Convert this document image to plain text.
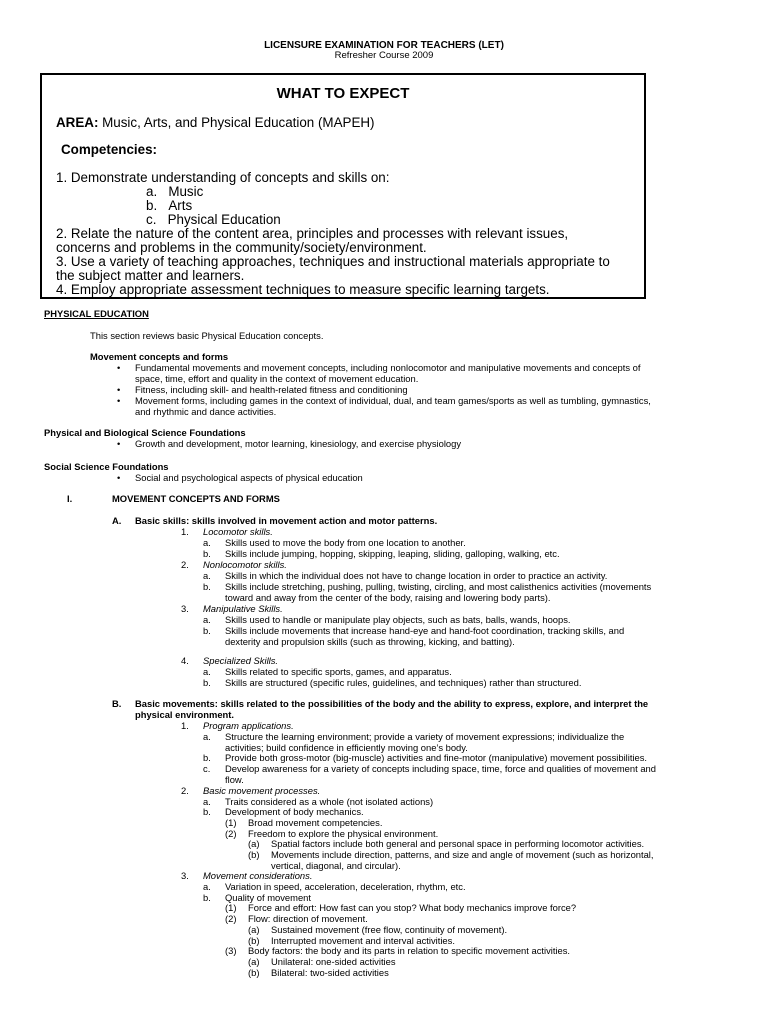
LICENSURE EXAMINATION FOR TEACHERS (LET)
Refresher Course 2009
WHAT TO EXPECT
AREA: Music, Arts, and Physical Education (MAPEH)
Competencies:
1. Demonstrate understanding of concepts and skills on:
a.   Music
b.   Arts
c.   Physical Education
2. Relate the nature of the content area, principles and processes with relevant issues,
concerns and problems in the community/society/environment.
3. Use a variety of teaching approaches, techniques and instructional materials appropriate to
the subject matter and learners.
4. Employ appropriate assessment techniques to measure specific learning targets.
PHYSICAL EDUCATION
This section reviews basic Physical Education concepts.
Movement concepts and forms
• Fundamental movements and movement concepts, including nonlocomotor and manipulative movements and concepts of
space, time, effort and quality in the context of movement education.
• Fitness, including skill- and health-related fitness and conditioning
• Movement forms, including games in the context of individual, dual, and team games/sports as well as tumbling, gymnastics,
and rhythmic and dance activities.
Physical and Biological Science Foundations
• Growth and development, motor learning, kinesiology, and exercise physiology
Social Science Foundations
• Social and psychological aspects of physical education
I.	MOVEMENT CONCEPTS AND FORMS
A. Basic skills: skills involved in movement action and motor patterns.
1. Locomotor skills.
a. Skills used to move the body from one location to another.
b. Skills include jumping, hopping, skipping, leaping, sliding, galloping, walking, etc.
2. Nonlocomotor skills.
a. Skills in which the individual does not have to change location in order to practice an activity.
b. Skills include stretching, pushing, pulling, twisting, circling, and most calisthenics activities (movements
toward and away from the center of the body, raising and lowering body parts).
3. Manipulative Skills.
a. Skills used to handle or manipulate play objects, such as bats, balls, wands, hoops.
b. Skills include movements that increase hand-eye and hand-foot coordination, tracking skills, and
dexterity and propulsion skills (such as throwing, kicking, and batting).
4. Specialized Skills.
a. Skills related to specific sports, games, and apparatus.
b. Skills are structured (specific rules, guidelines, and techniques) rather than structured.
B. Basic movements: skills related to the possibilities of the body and the ability to express, explore, and interpret the
physical environment.
1. Program applications.
a. Structure the learning environment; provide a variety of movement expressions; individualize the
activities; build confidence in efficiently moving one’s body.
b. Provide both gross-motor (big-muscle) activities and fine-motor (manipulative) movement possibilities.
c. Develop awareness for a variety of concepts including space, time, force and qualities of movement and
flow.
2. Basic movement processes.
a. Traits considered as a whole (not isolated actions)
b. Development of body mechanics.
(1) Broad movement competencies.
(2) Freedom to explore the physical environment.
(a) Spatial factors include both general and personal space in performing locomotor activities.
(b) Movements include direction, patterns, and size and angle of movement (such as horizontal,
vertical, diagonal, and circular).
3. Movement considerations.
a. Variation in speed, acceleration, deceleration, rhythm, etc.
b. Quality of movement
(1) Force and effort: How fast can you stop? What body mechanics improve force?
(2) Flow: direction of movement.
(a) Sustained movement (free flow, continuity of movement).
(b) Interrupted movement and interval activities.
(3) Body factors: the body and its parts in relation to specific movement activities.
(a) Unilateral: one-sided activities
(b) Bilateral: two-sided activities
